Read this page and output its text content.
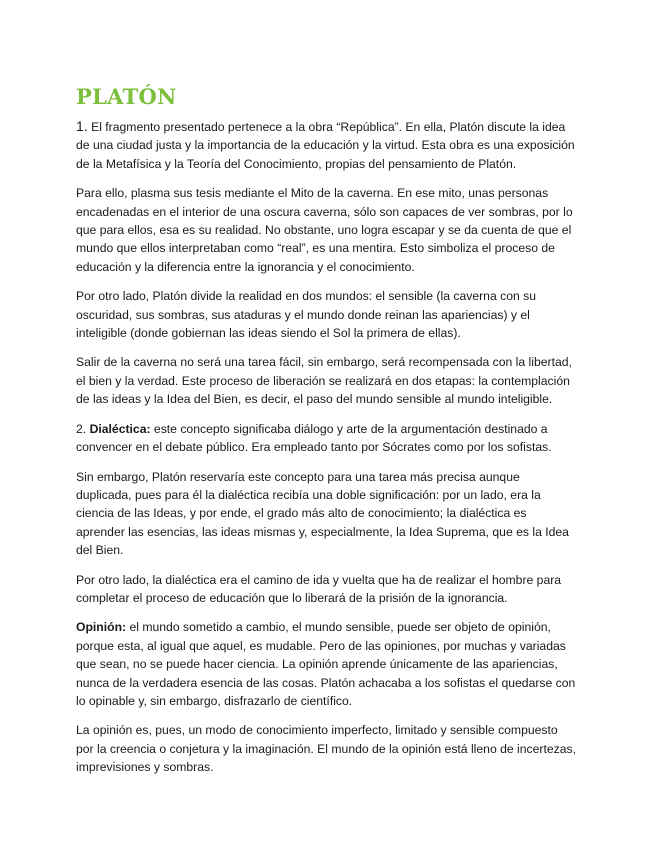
PLATÓN

1. El fragmento presentado pertenece a la obra “República”. En ella, Platón discute la idea de una ciudad justa y la importancia de la educación y la virtud. Esta obra es una exposición de la Metafísica y la Teoría del Conocimiento, propias del pensamiento de Platón.

Para ello, plasma sus tesis mediante el Mito de la caverna. En ese mito, unas personas encadenadas en el interior de una oscura caverna, sólo son capaces de ver sombras, por lo que para ellos, esa es su realidad. No obstante, uno logra escapar y se da cuenta de que el mundo que ellos interpretaban como “real”, es una mentira. Esto simboliza el proceso de educación y la diferencia entre la ignorancia y el conocimiento.

Por otro lado, Platón divide la realidad en dos mundos: el sensible (la caverna con su oscuridad, sus sombras, sus ataduras y el mundo donde reinan las apariencias) y el inteligible (donde gobiernan las ideas siendo el Sol la primera de ellas).

Salir de la caverna no será una tarea fácil, sin embargo, será recompensada con la libertad, el bien y la verdad. Este proceso de liberación se realizará en dos etapas: la contemplación de las ideas y la Idea del Bien, es decir, el paso del mundo sensible al mundo inteligible.

2. Dialéctica: este concepto significaba diálogo y arte de la argumentación destinado a convencer en el debate público. Era empleado tanto por Sócrates como por los sofistas.

Sin embargo, Platón reservaría este concepto para una tarea más precisa aunque duplicada, pues para él la dialéctica recibía una doble significación: por un lado, era la ciencia de las Ideas, y por ende, el grado más alto de conocimiento; la dialéctica es aprender las esencias, las ideas mismas y, especialmente, la Idea Suprema, que es la Idea del Bien.

Por otro lado, la dialéctica era el camino de ida y vuelta que ha de realizar el hombre para completar el proceso de educación que lo liberará de la prisión de la ignorancia.

Opinión: el mundo sometido a cambio, el mundo sensible, puede ser objeto de opinión, porque esta, al igual que aquel, es mudable. Pero de las opiniones, por muchas y variadas que sean, no se puede hacer ciencia. La opinión aprende únicamente de las apariencias, nunca de la verdadera esencia de las cosas. Platón achacaba a los sofistas el quedarse con lo opinable y, sin embargo, disfrazarlo de científico.

La opinión es, pues, un modo de conocimiento imperfecto, limitado y sensible compuesto por la creencia o conjetura y la imaginación. El mundo de la opinión está lleno de incertezas, imprevisiones y sombras.
